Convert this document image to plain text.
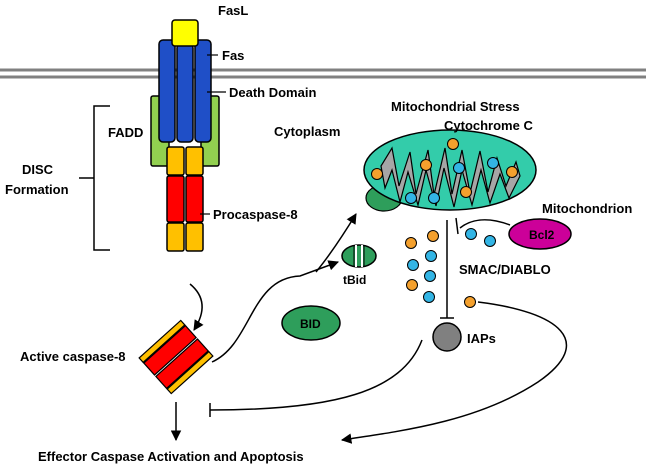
FasL
Fas
Death Domain
FADD
DISC
Formation
Procaspase-8
Cytoplasm
Mitochondrial Stress
Cytochrome C
Mitochondrion
Bcl2
SMAC/DIABLO
tBid
BID
IAPs
Active caspase-8
Effector Caspase Activation and Apoptosis
